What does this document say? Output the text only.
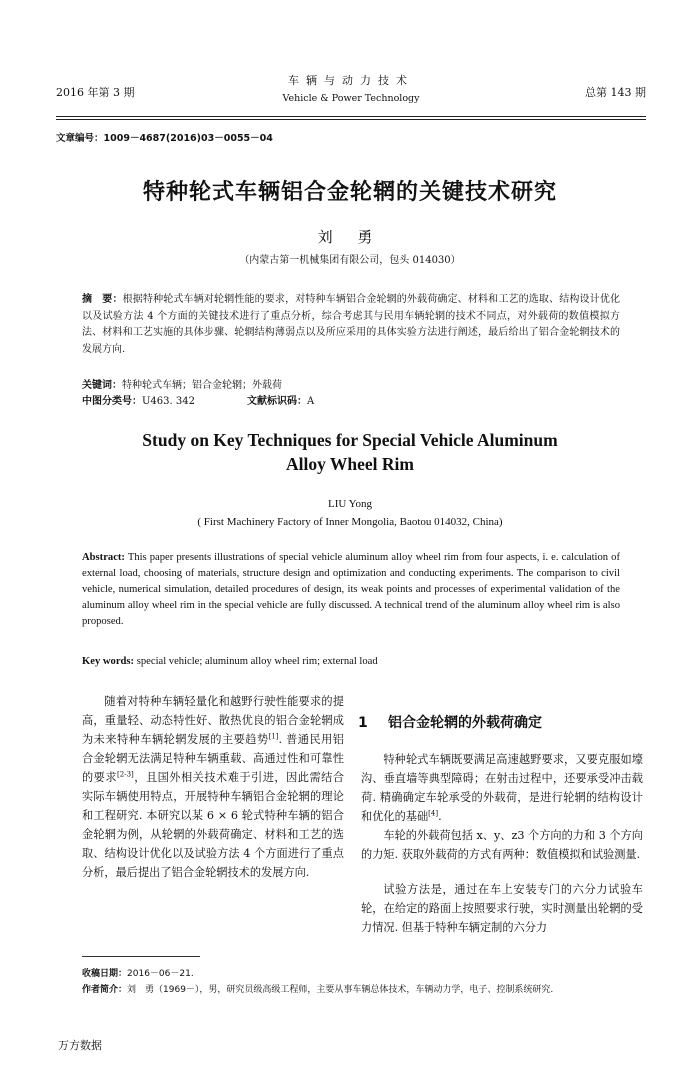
2016 年第 3 期
车辆与动力技术
Vehicle & Power Technology	总第 143 期
文章编号：1009－4687(2016)03－0055－04
特种轮式车辆铝合金轮辋的关键技术研究
刘 勇
（内蒙古第一机械集团有限公司，包头 014030）
摘　要：根据特种轮式车辆对轮辋性能的要求，对特种车辆铝合金轮辋的外载荷确定、材料和工艺的选取、结构设计优化以及试验方法 4 个方面的关键技术进行了重点分析，综合考虑其与民用车辆轮辋的技术不同点，对外载荷的数值模拟方法、材料和工艺实施的具体步骤、轮辋结构薄弱点以及所应采用的具体实验方法进行阐述，最后给出了铝合金轮辋技术的发展方向.
关键词：特种轮式车辆；铝合金轮辋；外载荷
中图分类号：U463. 342	文献标识码：A
Study on Key Techniques for Special Vehicle Aluminum
Alloy Wheel Rim
LIU Yong
( First Machinery Factory of Inner Mongolia, Baotou 014032, China)
Abstract: This paper presents illustrations of special vehicle aluminum alloy wheel rim from four aspects, i. e. calculation of external load, choosing of materials, structure design and optimization and conducting experiments. The comparison to civil vehicle, numerical simulation, detailed procedures of design, its weak points and processes of experimental validation of the aluminum alloy wheel rim in the special vehicle are fully discussed. A technical trend of the aluminum alloy wheel rim is also proposed.
Key words: special vehicle; aluminum alloy wheel rim; external load
随着对特种车辆轻量化和越野行驶性能要求的提高，重量轻、动态特性好、散热优良的铝合金轮辋成为未来特种车辆轮辋发展的主要趋势[1]. 普通民用铝合金轮辋无法满足特种车辆重载、高通过性和可靠性的要求[2-3]，且国外相关技术难于引进，因此需结合实际车辆使用特点，开展特种车辆铝合金轮辋的理论和工程研究. 本研究以某 6 × 6 轮式特种车辆的铝合金轮辋为例，从轮辋的外载荷确定、材料和工艺的选取、结构设计优化以及试验方法 4 个方面进行了重点分析，最后提出了铝合金轮辋技术的发展方向.
1 铝合金轮辋的外载荷确定
特种轮式车辆既要满足高速越野要求，又要克服如壕沟、垂直墙等典型障碍；在射击过程中，还要承受冲击载荷. 精确确定车轮承受的外载荷，是进行轮辋的结构设计和优化的基础[4].
车轮的外载荷包括 x、y、z3 个方向的力和 3 个方向的力矩. 获取外载荷的方式有两种：数值模拟和试验测量.
试验方法是，通过在车上安装专门的六分力试验车轮，在给定的路面上按照要求行驶，实时测量出轮辋的受力情况. 但基于特种车辆定制的六分力
收稿日期：2016－06－21.
作者简介：刘　勇（1969－），男，研究员级高级工程师，主要从事车辆总体技术，车辆动力学，电子、控制系统研究.
万方数据
